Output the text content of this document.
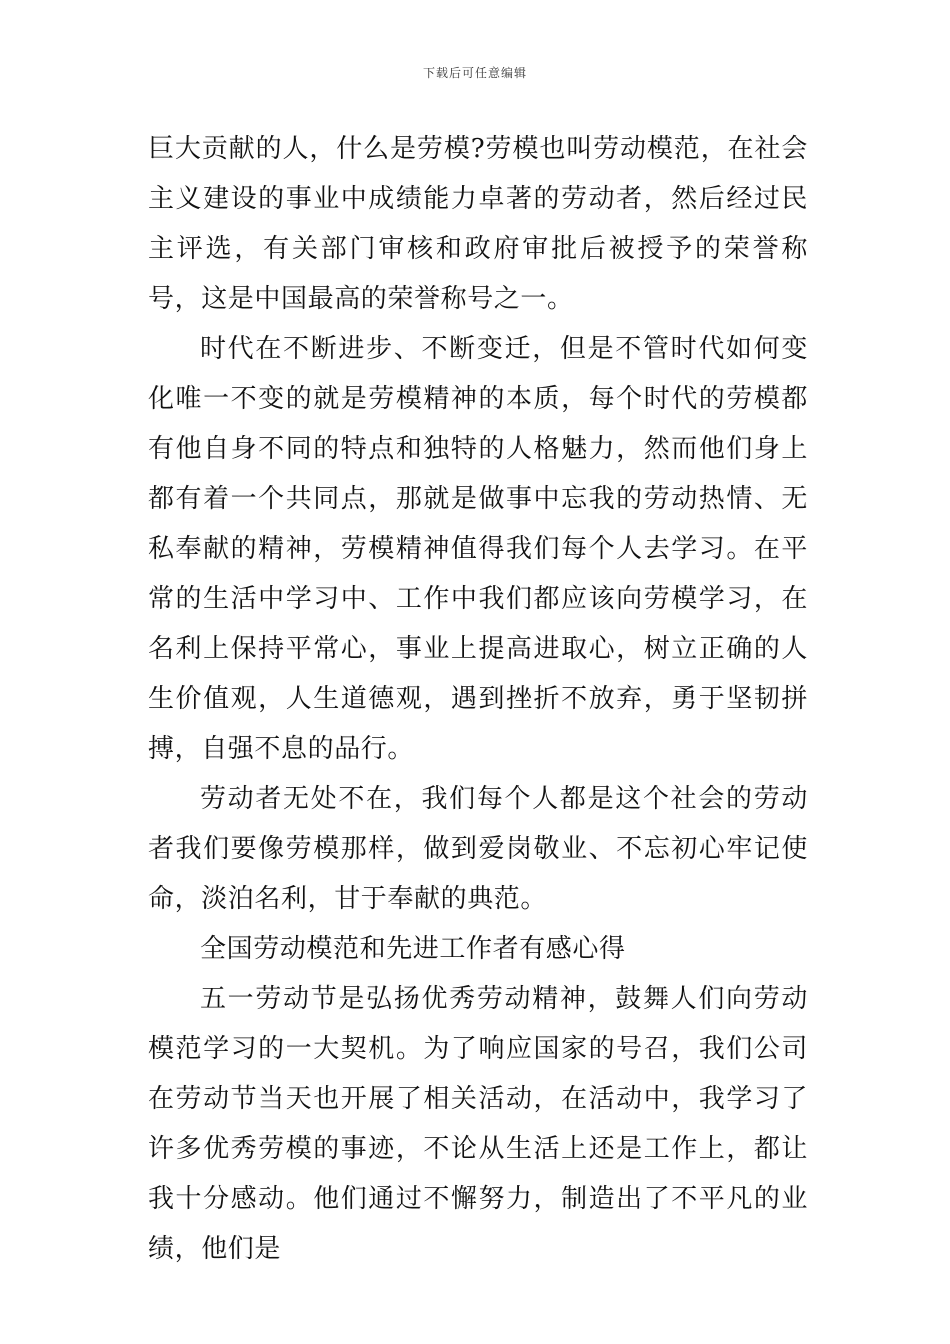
下载后可任意编辑

巨大贡献的人，什么是劳模?劳模也叫劳动模范，在社会主义建设的事业中成绩能力卓著的劳动者，然后经过民主评选，有关部门审核和政府审批后被授予的荣誉称号，这是中国最高的荣誉称号之一。

时代在不断进步、不断变迁，但是不管时代如何变化唯一不变的就是劳模精神的本质，每个时代的劳模都有他自身不同的特点和独特的人格魅力，然而他们身上都有着一个共同点，那就是做事中忘我的劳动热情、无私奉献的精神，劳模精神值得我们每个人去学习。在平常的生活中学习中、工作中我们都应该向劳模学习，在名利上保持平常心，事业上提高进取心，树立正确的人生价值观，人生道德观，遇到挫折不放弃，勇于坚韧拼搏，自强不息的品行。

劳动者无处不在，我们每个人都是这个社会的劳动者我们要像劳模那样，做到爱岗敬业、不忘初心牢记使命，淡泊名利，甘于奉献的典范。

全国劳动模范和先进工作者有感心得

五一劳动节是弘扬优秀劳动精神，鼓舞人们向劳动模范学习的一大契机。为了响应国家的号召，我们公司在劳动节当天也开展了相关活动，在活动中，我学习了许多优秀劳模的事迹，不论从生活上还是工作上，都让我十分感动。他们通过不懈努力，制造出了不平凡的业绩，他们是
